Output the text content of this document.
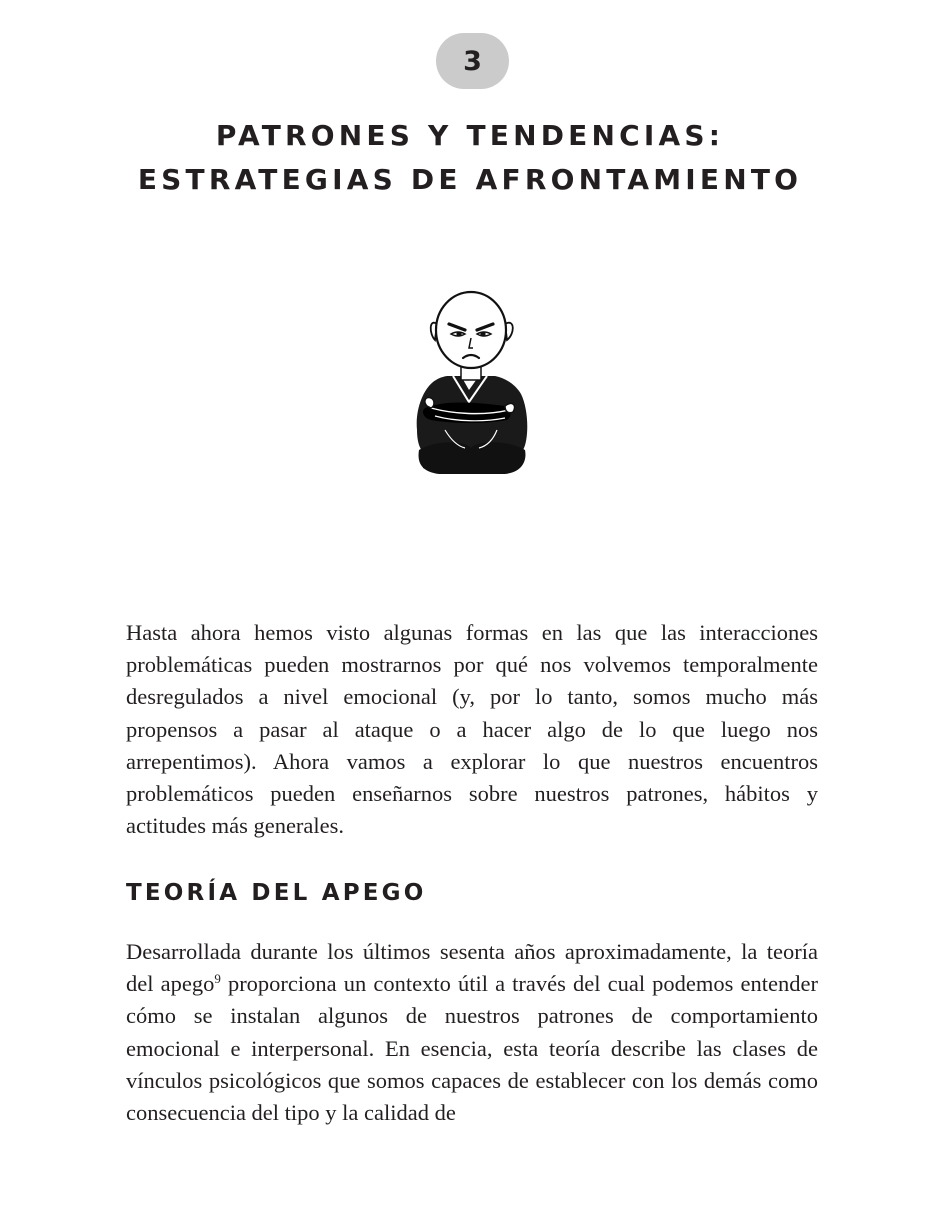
3
PATRONES Y TENDENCIAS:
ESTRATEGIAS DE AFRONTAMIENTO

Hasta ahora hemos visto algunas formas en las que las interacciones problemáticas pueden mostrarnos por qué nos volvemos temporalmente desregulados a nivel emocional (y, por lo tanto, somos mucho más propensos a pasar al ataque o a hacer algo de lo que luego nos arrepentimos). Ahora vamos a explorar lo que nuestros encuentros problemáticos pueden enseñarnos sobre nuestros patrones, hábitos y actitudes más generales.

TEORÍA DEL APEGO

Desarrollada durante los últimos sesenta años aproximadamente, la teoría del apego$^9$ proporciona un contexto útil a través del cual podemos entender cómo se instalan algunos de nuestros patrones de comportamiento emocional e interpersonal. En esencia, esta teoría describe las clases de vínculos psicológicos que somos capaces de establecer con los demás como consecuencia del tipo y la calidad de
